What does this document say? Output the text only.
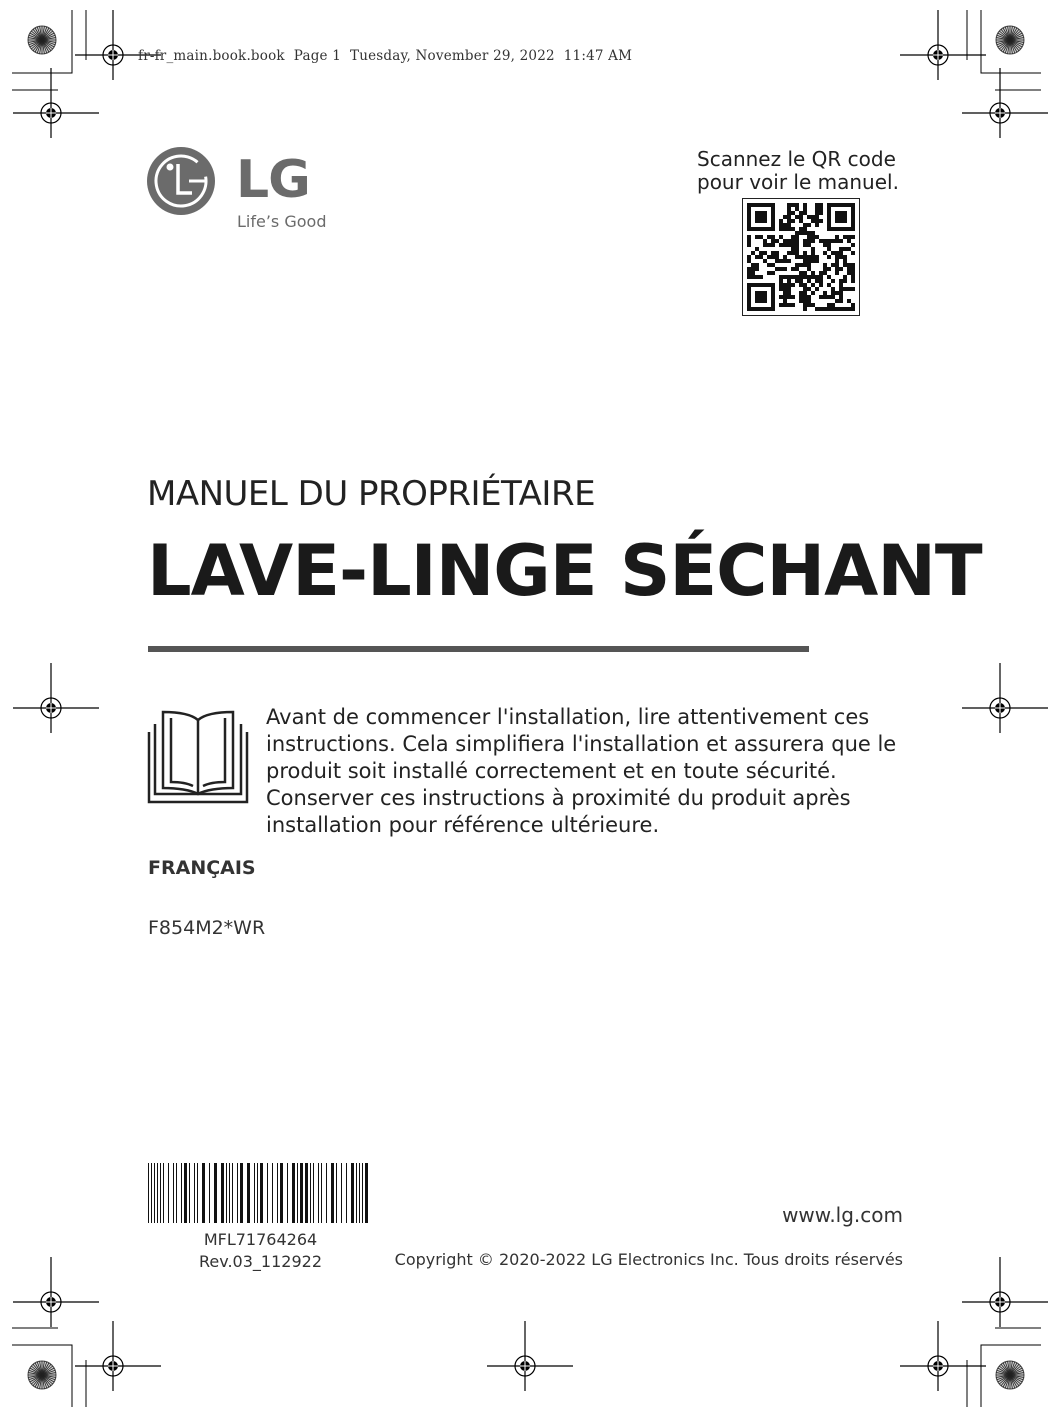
fr-fr_main.book.book  Page 1  Tuesday, November 29, 2022  11:47 AM
LG
Life’s Good
Scannez le QR code
pour voir le manuel.
MANUEL DU PROPRIÉTAIRE
LAVE-LINGE SÉCHANT
Avant de commencer l'installation, lire attentivement ces
instructions. Cela simplifiera l'installation et assurera que le
produit soit installé correctement et en toute sécurité.
Conserver ces instructions à proximité du produit après
installation pour référence ultérieure.
FRANÇAIS
F854M2*WR
MFL71764264
Rev.03_112922
www.lg.com
Copyright © 2020-2022 LG Electronics Inc. Tous droits réservés
